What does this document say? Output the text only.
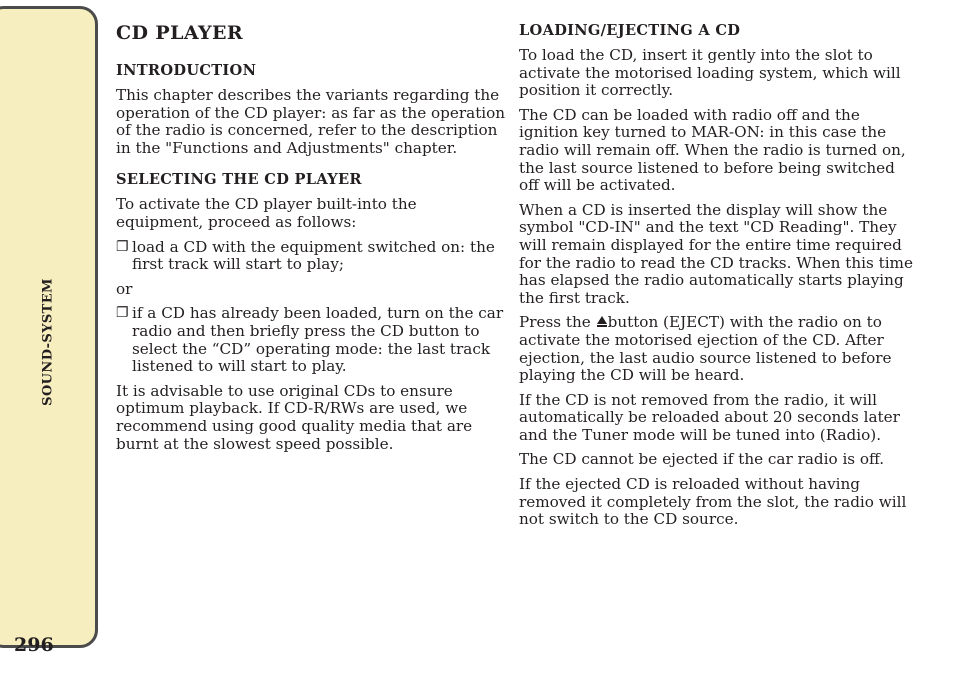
SOUND-SYSTEM
296
CD PLAYER
INTRODUCTION

This chapter describes the variants regarding the operation of the CD player: as far as the operation of the radio is concerned, refer to the description in the "Functions and Adjustments" chapter.

SELECTING THE CD PLAYER

To activate the CD player built-into the equipment, proceed as follows:

❐ load a CD with the equipment switched on: the first track will start to play;

or

❐ if a CD has already been loaded, turn on the car radio and then briefly press the CD button to select the “CD” operating mode: the last track listened to will start to play.

It is advisable to use original CDs to ensure optimum playback. If CD-R/RWs are used, we recommend using good quality media that are burnt at the slowest speed possible.

LOADING/EJECTING A CD

To load the CD, insert it gently into the slot to activate the motorised loading system, which will position it correctly.

The CD can be loaded with radio off and the ignition key turned to MAR-ON: in this case the radio will remain off. When the radio is turned on, the last source listened to before being switched off will be activated.

When a CD is inserted the display will show the symbol "CD-IN" and the text "CD Reading". They will remain displayed for the entire time required for the radio to read the CD tracks. When this time has elapsed the radio automatically starts playing the first track.

Press the button (EJECT) with the radio on to activate the motorised ejection of the CD. After ejection, the last audio source listened to before playing the CD will be heard.

If the CD is not removed from the radio, it will automatically be reloaded about 20 seconds later and the Tuner mode will be tuned into (Radio).

The CD cannot be ejected if the car radio is off.

If the ejected CD is reloaded without having removed it completely from the slot, the radio will not switch to the CD source.
